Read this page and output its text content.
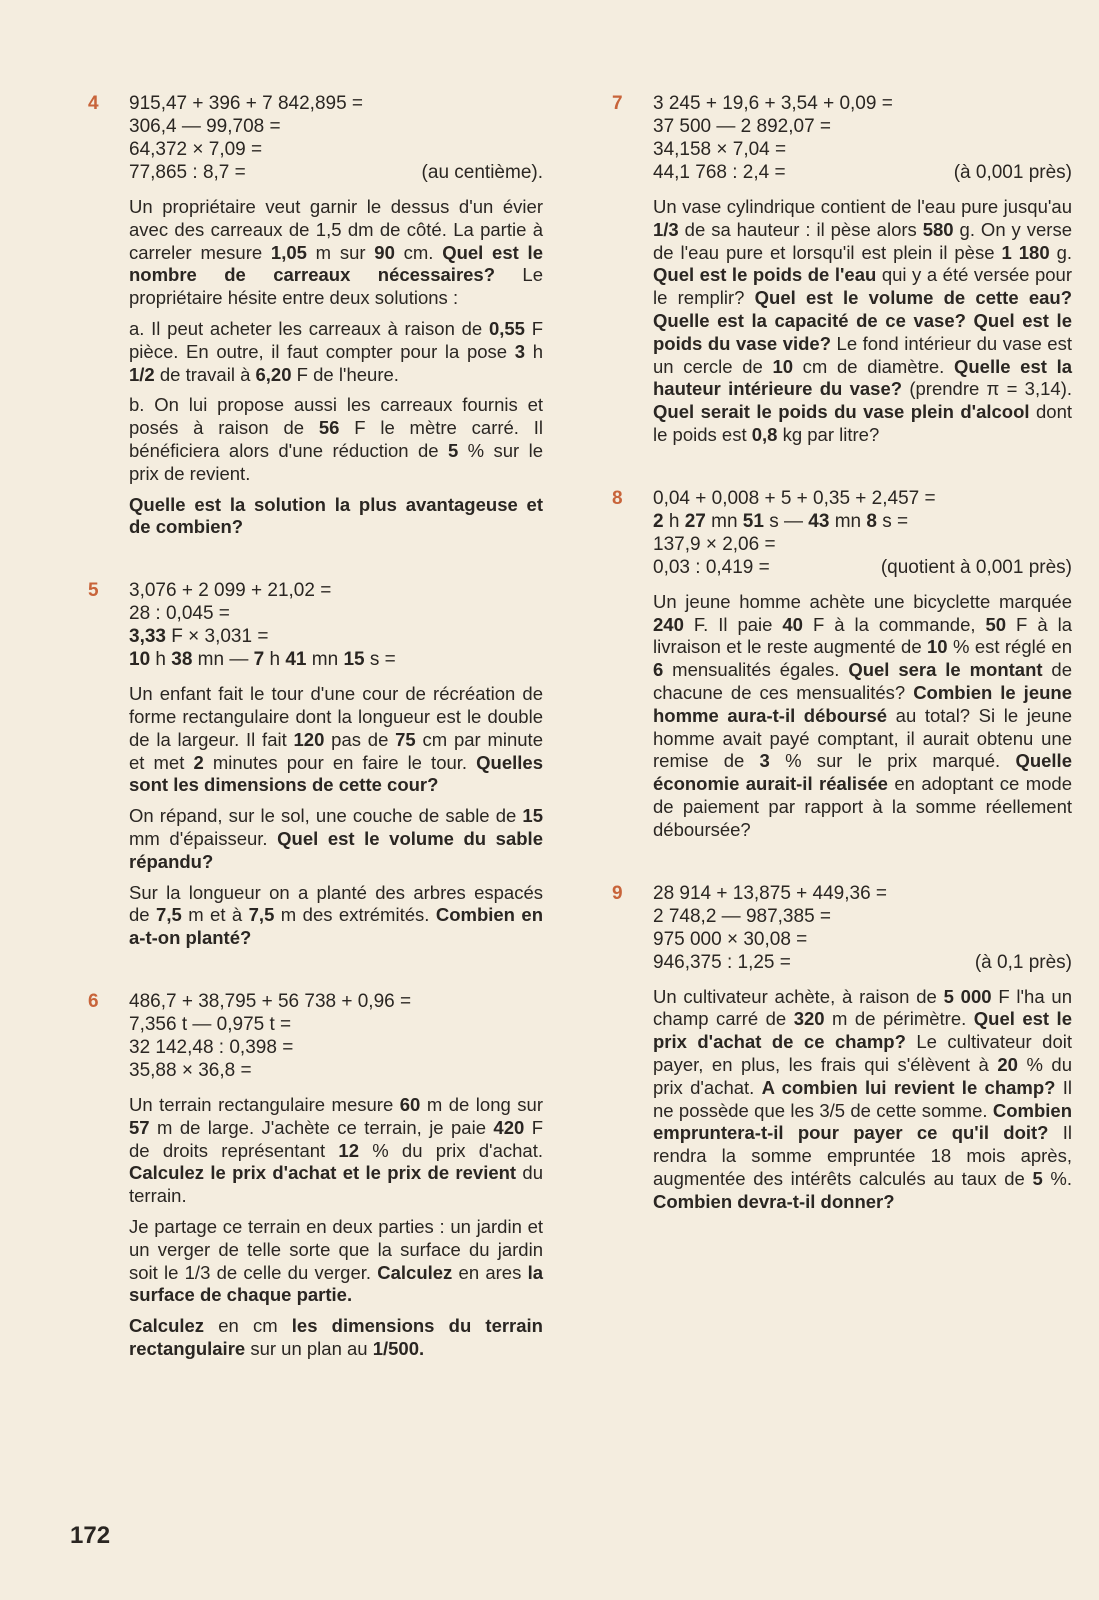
4 915,47 + 396 + 7 842,895 =
306,4 — 99,708 =
64,372 × 7,09 =
77,865 : 8,7 =	(au centième).

Un propriétaire veut garnir le dessus d'un évier avec des carreaux de 1,5 dm de côté. La partie à carreler mesure 1,05 m sur 90 cm. Quel est le nombre de carreaux nécessaires? Le propriétaire hésite entre deux solutions :

a. Il peut acheter les carreaux à raison de 0,55 F pièce. En outre, il faut compter pour la pose 3 h 1/2 de travail à 6,20 F de l'heure.

b. On lui propose aussi les carreaux fournis et posés à raison de 56 F le mètre carré. Il bénéficiera alors d'une réduction de 5 % sur le prix de revient.

Quelle est la solution la plus avantageuse et de combien?

5 3,076 + 2 099 + 21,02 =
28 : 0,045 =
3,33 F × 3,031 =
10 h 38 mn — 7 h 41 mn 15 s =

Un enfant fait le tour d'une cour de récréation de forme rectangulaire dont la longueur est le double de la largeur. Il fait 120 pas de 75 cm par minute et met 2 minutes pour en faire le tour. Quelles sont les dimensions de cette cour?

On répand, sur le sol, une couche de sable de 15 mm d'épaisseur. Quel est le volume du sable répandu?

Sur la longueur on a planté des arbres espacés de 7,5 m et à 7,5 m des extrémités. Combien en a-t-on planté?

6 486,7 + 38,795 + 56 738 + 0,96 =
7,356 t — 0,975 t =
32 142,48 : 0,398 =
35,88 × 36,8 =

Un terrain rectangulaire mesure 60 m de long sur 57 m de large. J'achète ce terrain, je paie 420 F de droits représentant 12 % du prix d'achat. Calculez le prix d'achat et le prix de revient du terrain.

Je partage ce terrain en deux parties : un jardin et un verger de telle sorte que la surface du jardin soit le 1/3 de celle du verger. Calculez en ares la surface de chaque partie.

Calculez en cm les dimensions du terrain rectangulaire sur un plan au 1/500.

7 3 245 + 19,6 + 3,54 + 0,09 =
37 500 — 2 892,07 =
34,158 × 7,04 =
44,1 768 : 2,4 =	(à 0,001 près)

Un vase cylindrique contient de l'eau pure jusqu'au 1/3 de sa hauteur : il pèse alors 580 g. On y verse de l'eau pure et lorsqu'il est plein il pèse 1 180 g. Quel est le poids de l'eau qui y a été versée pour le remplir? Quel est le volume de cette eau? Quelle est la capacité de ce vase? Quel est le poids du vase vide? Le fond intérieur du vase est un cercle de 10 cm de diamètre. Quelle est la hauteur intérieure du vase? (prendre π = 3,14). Quel serait le poids du vase plein d'alcool dont le poids est 0,8 kg par litre?

8 0,04 + 0,008 + 5 + 0,35 + 2,457 =
2 h 27 mn 51 s — 43 mn 8 s =
137,9 × 2,06 =
0,03 : 0,419 =	(quotient à 0,001 près)

Un jeune homme achète une bicyclette marquée 240 F. Il paie 40 F à la commande, 50 F à la livraison et le reste augmenté de 10 % est réglé en 6 mensualités égales. Quel sera le montant de chacune de ces mensualités? Combien le jeune homme aura-t-il déboursé au total? Si le jeune homme avait payé comptant, il aurait obtenu une remise de 3 % sur le prix marqué. Quelle économie aurait-il réalisée en adoptant ce mode de paiement par rapport à la somme réellement déboursée?

9 28 914 + 13,875 + 449,36 =
2 748,2 — 987,385 =
975 000 × 30,08 =
946,375 : 1,25 =	(à 0,1 près)

Un cultivateur achète, à raison de 5 000 F l'ha un champ carré de 320 m de périmètre. Quel est le prix d'achat de ce champ? Le cultivateur doit payer, en plus, les frais qui s'élèvent à 20 % du prix d'achat. A combien lui revient le champ? Il ne possède que les 3/5 de cette somme. Combien empruntera-t-il pour payer ce qu'il doit? Il rendra la somme empruntée 18 mois après, augmentée des intérêts calculés au taux de 5 %. Combien devra-t-il donner?

172
